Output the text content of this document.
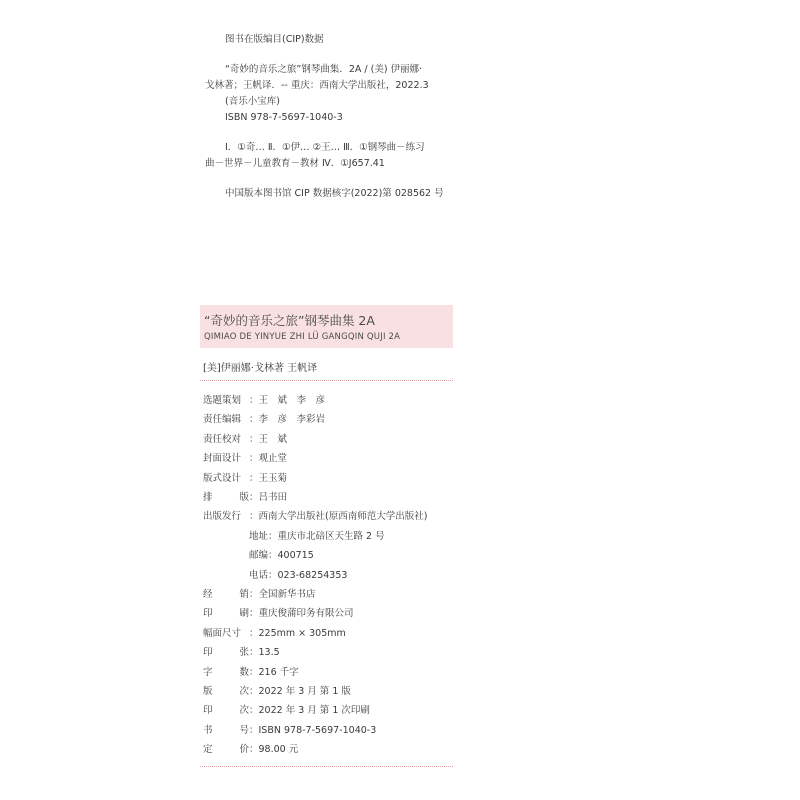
图书在版编目(CIP)数据
“奇妙的音乐之旅”钢琴曲集．2A / (美) 伊丽娜·
戈林著；王帆译．-- 重庆：西南大学出版社，2022.3
(音乐小宝库)
ISBN 978-7-5697-1040-3
Ⅰ．①奇… Ⅱ．①伊… ②王… Ⅲ．①钢琴曲－练习
曲－世界－儿童教育－教材 Ⅳ．①J657.41
中国版本图书馆 CIP 数据核字(2022)第 028562 号
“奇妙的音乐之旅”钢琴曲集 2A
QIMIAO DE YINYUE ZHI LÜ GANGQIN QUJI 2A
[美]伊丽娜·戈林著 王帆译
选题策划 ：王　斌　李　彦
责任编辑 ：李　彦　李彩岩
责任校对 ：王　斌
封面设计 ：观止堂
版式设计 ：王玉菊
排版：吕书田
出版发行 ：西南大学出版社(原西南师范大学出版社)
地址：重庆市北碚区天生路 2 号
邮编：400715
电话：023-68254353
经销：全国新华书店
印刷：重庆俊蒲印务有限公司
幅面尺寸 ：225mm × 305mm
印张：13.5
字数：216 千字
版次：2022 年 3 月 第 1 版
印次：2022 年 3 月 第 1 次印刷
书号：ISBN 978-7-5697-1040-3
定价：98.00 元
